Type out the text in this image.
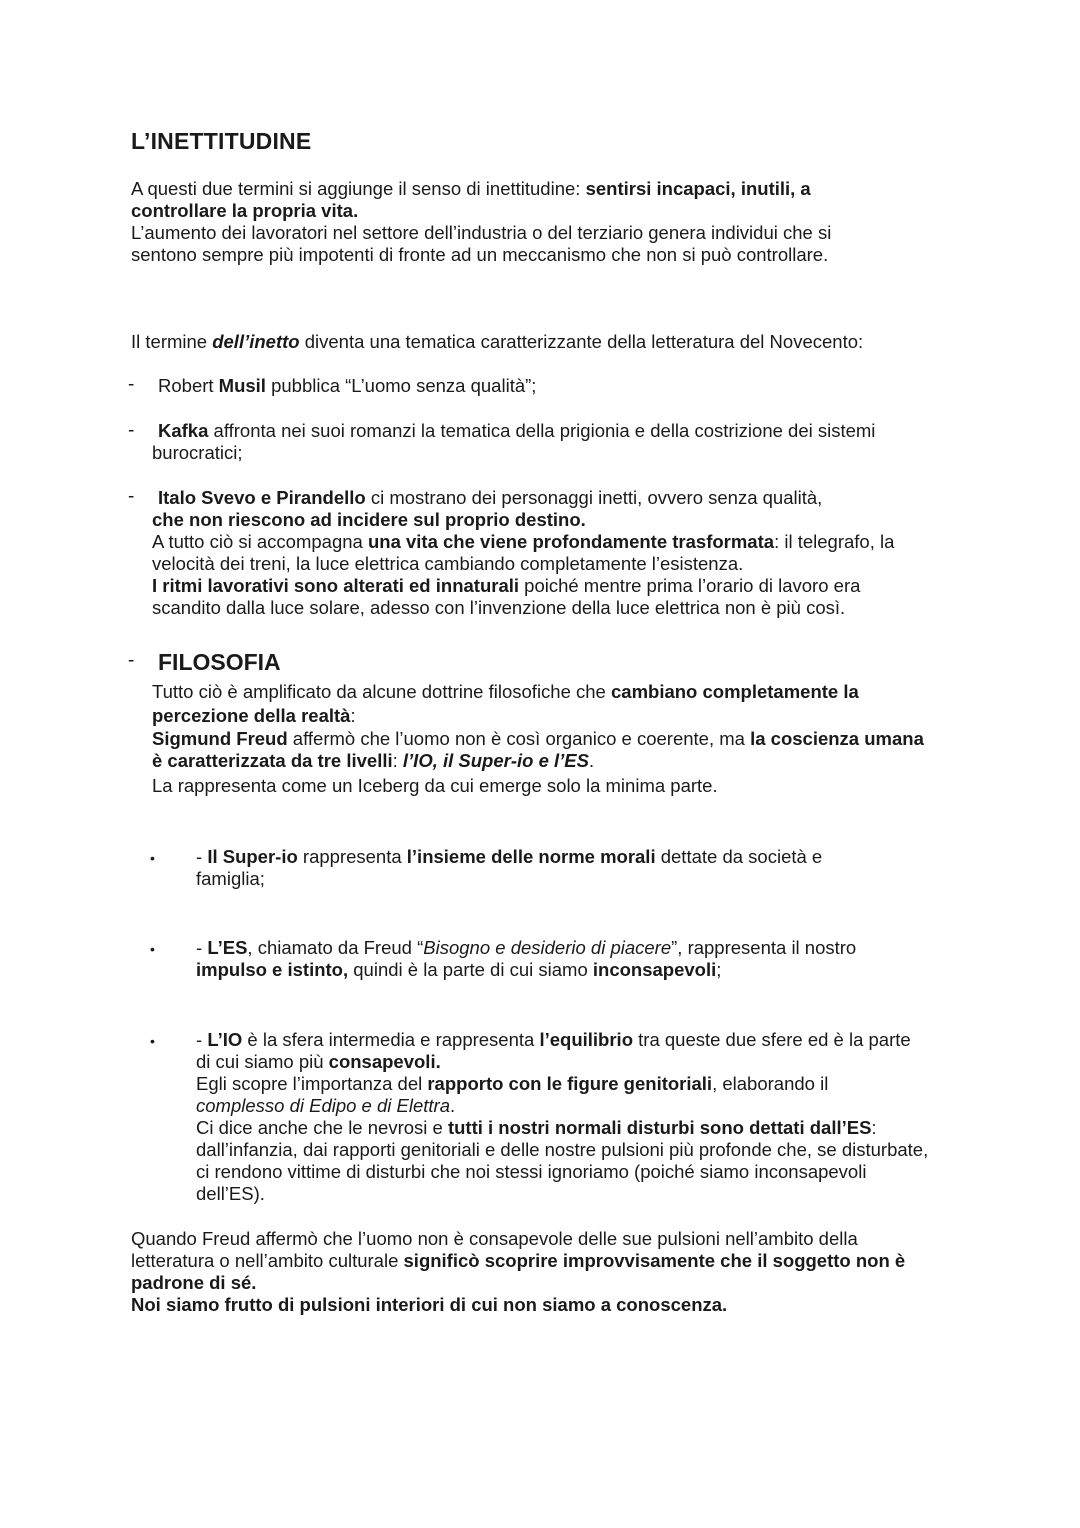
L’INETTITUDINE

A questi due termini si aggiunge il senso di inettitudine: sentirsi incapaci, inutili, a controllare la propria vita.
L’aumento dei lavoratori nel settore dell’industria o del terziario genera individui che si sentono sempre più impotenti di fronte ad un meccanismo che non si può controllare.

Il termine dell’inetto diventa una tematica caratterizzante della letteratura del Novecento:

- Robert Musil pubblica “L’uomo senza qualità”;

-	Kafka affronta nei suoi romanzi la tematica della prigionia e della costrizione dei sistemi burocratici;

-	Italo Svevo e Pirandello ci mostrano dei personaggi inetti, ovvero senza qualità,
che non riescono ad incidere sul proprio destino.
A tutto ciò si accompagna una vita che viene profondamente trasformata: il telegrafo, la velocità dei treni, la luce elettrica cambiando completamente l’esistenza.
I ritmi lavorativi sono alterati ed innaturali poiché mentre prima l’orario di lavoro era scandito dalla luce solare, adesso con l’invenzione della luce elettrica non è più così.
- FILOSOFIA
Tutto ciò è amplificato da alcune dottrine filosofiche che cambiano completamente la percezione della realtà:
Sigmund Freud affermò che l’uomo non è così organico e coerente, ma la coscienza umana è caratterizzata da tre livelli: l’IO, il Super-io e l’ES.
La rappresenta come un Iceberg da cui emerge solo la minima parte.
• - Il Super-io rappresenta l’insieme delle norme morali dettate da società e famiglia;

• - L’ES, chiamato da Freud “Bisogno e desiderio di piacere”, rappresenta il nostro impulso e istinto, quindi è la parte di cui siamo inconsapevoli;

• - L’IO è la sfera intermedia e rappresenta l’equilibrio tra queste due sfere ed è la parte di cui siamo più consapevoli.
Egli scopre l’importanza del rapporto con le figure genitoriali, elaborando il complesso di Edipo e di Elettra.
Ci dice anche che le nevrosi e tutti i nostri normali disturbi sono dettati dall’ES: dall’infanzia, dai rapporti genitoriali e delle nostre pulsioni più profonde che, se disturbate, ci rendono vittime di disturbi che noi stessi ignoriamo (poiché siamo inconsapevoli dell’ES).
Quando Freud affermò che l’uomo non è consapevole delle sue pulsioni nell’ambito della letteratura o nell’ambito culturale significò scoprire improvvisamente che il soggetto non è padrone di sé.
Noi siamo frutto di pulsioni interiori di cui non siamo a conoscenza.
